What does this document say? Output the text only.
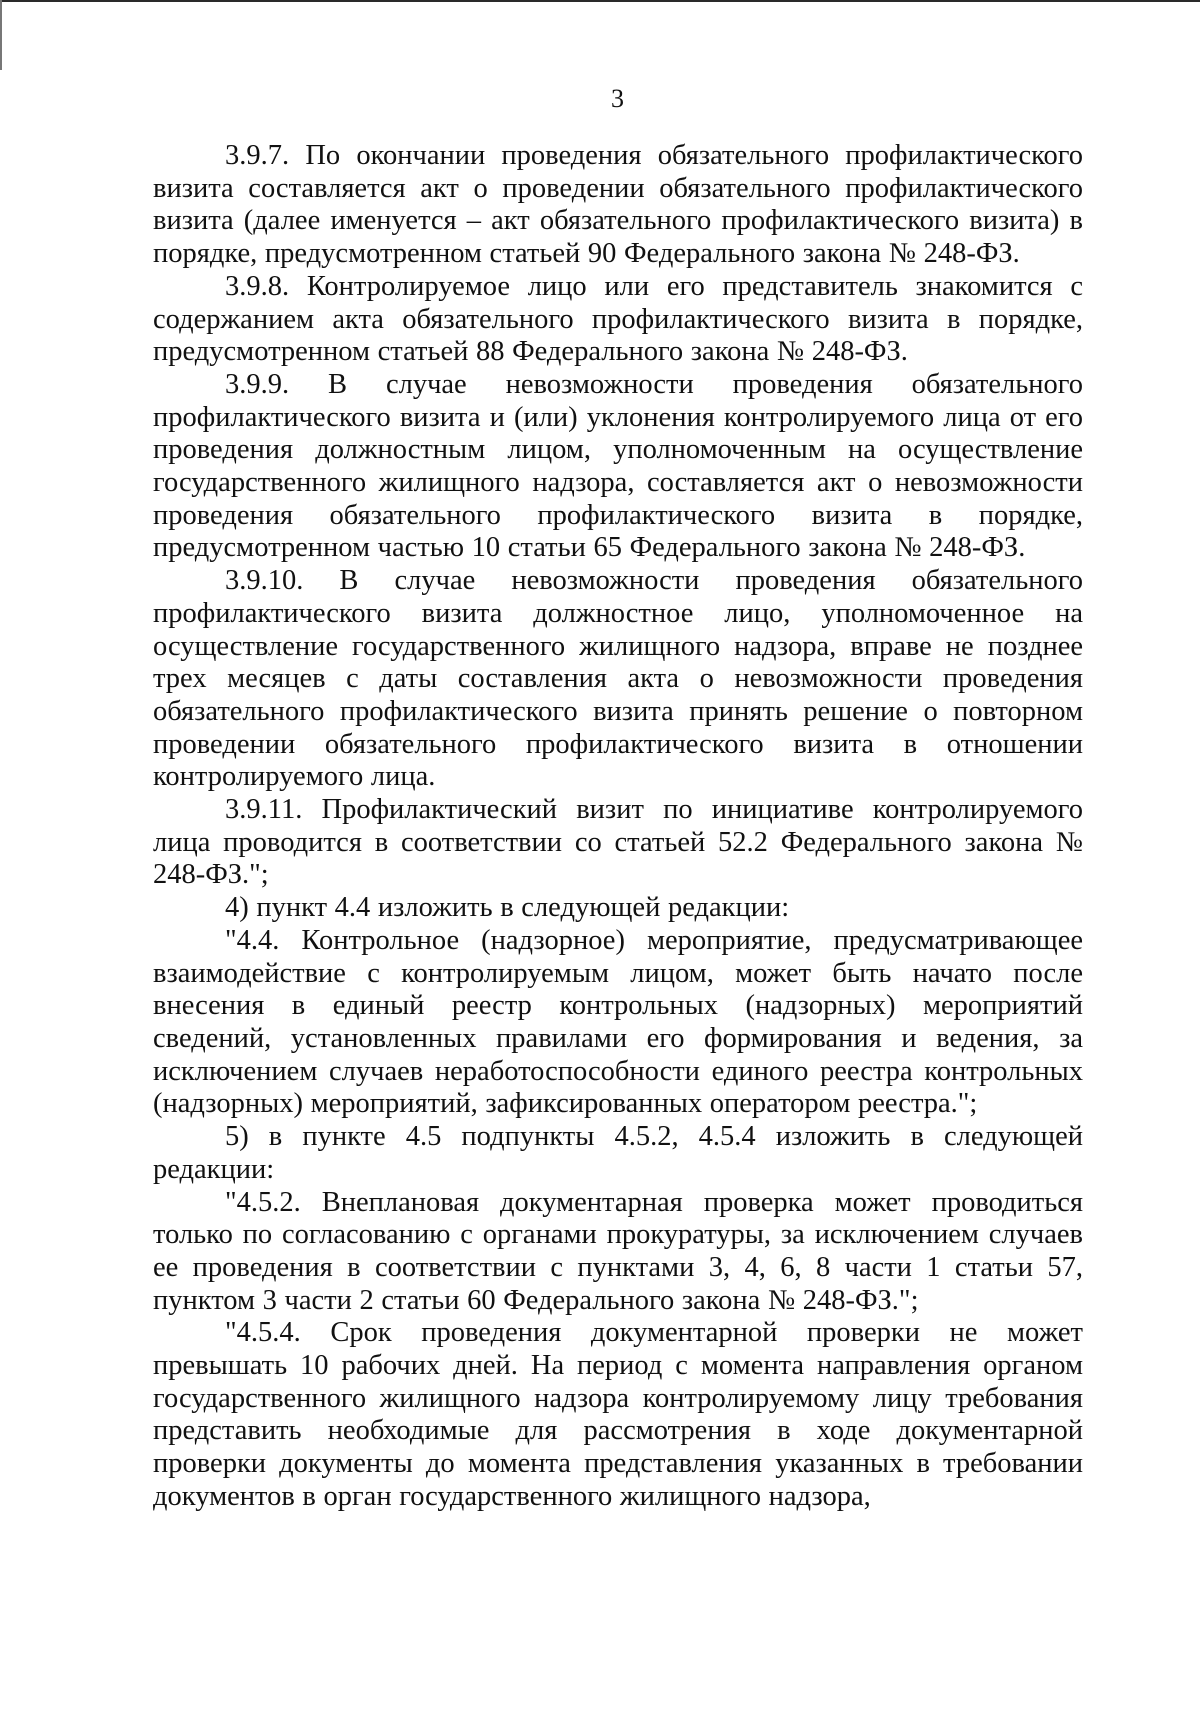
3

3.9.7. По окончании проведения обязательного профилактического визита составляется акт о проведении обязательного профилактического визита (далее именуется – акт обязательного профилактического визита) в порядке, предусмотренном статьей 90 Федерального закона № 248-ФЗ.

3.9.8. Контролируемое лицо или его представитель знакомится с содержанием акта обязательного профилактического визита в порядке, предусмотренном статьей 88 Федерального закона № 248-ФЗ.

3.9.9. В случае невозможности проведения обязательного профилактического визита и (или) уклонения контролируемого лица от его проведения должностным лицом, уполномоченным на осуществление государственного жилищного надзора, составляется акт о невозможности проведения обязательного профилактического визита в порядке, предусмотренном частью 10 статьи 65 Федерального закона № 248-ФЗ.

3.9.10. В случае невозможности проведения обязательного профилактического визита должностное лицо, уполномоченное на осуществление государственного жилищного надзора, вправе не позднее трех месяцев с даты составления акта о невозможности проведения обязательного профилактического визита принять решение о повторном проведении обязательного профилактического визита в отношении контролируемого лица.

3.9.11. Профилактический визит по инициативе контролируемого лица проводится в соответствии со статьей 52.2 Федерального закона № 248-ФЗ.";

4) пункт 4.4 изложить в следующей редакции:

"4.4. Контрольное (надзорное) мероприятие, предусматривающее взаимодействие с контролируемым лицом, может быть начато после внесения в единый реестр контрольных (надзорных) мероприятий сведений, установленных правилами его формирования и ведения, за исключением случаев неработоспособности единого реестра контрольных (надзорных) мероприятий, зафиксированных оператором реестра.";

5) в пункте 4.5 подпункты 4.5.2, 4.5.4 изложить в следующей редакции:

"4.5.2. Внеплановая документарная проверка может проводиться только по согласованию с органами прокуратуры, за исключением случаев ее проведения в соответствии с пунктами 3, 4, 6, 8 части 1 статьи 57, пунктом 3 части 2 статьи 60 Федерального закона № 248-ФЗ.";

"4.5.4. Срок проведения документарной проверки не может превышать 10 рабочих дней. На период с момента направления органом государственного жилищного надзора контролируемому лицу требования представить необходимые для рассмотрения в ходе документарной проверки документы до момента представления указанных в требовании документов в орган государственного жилищного надзора,
